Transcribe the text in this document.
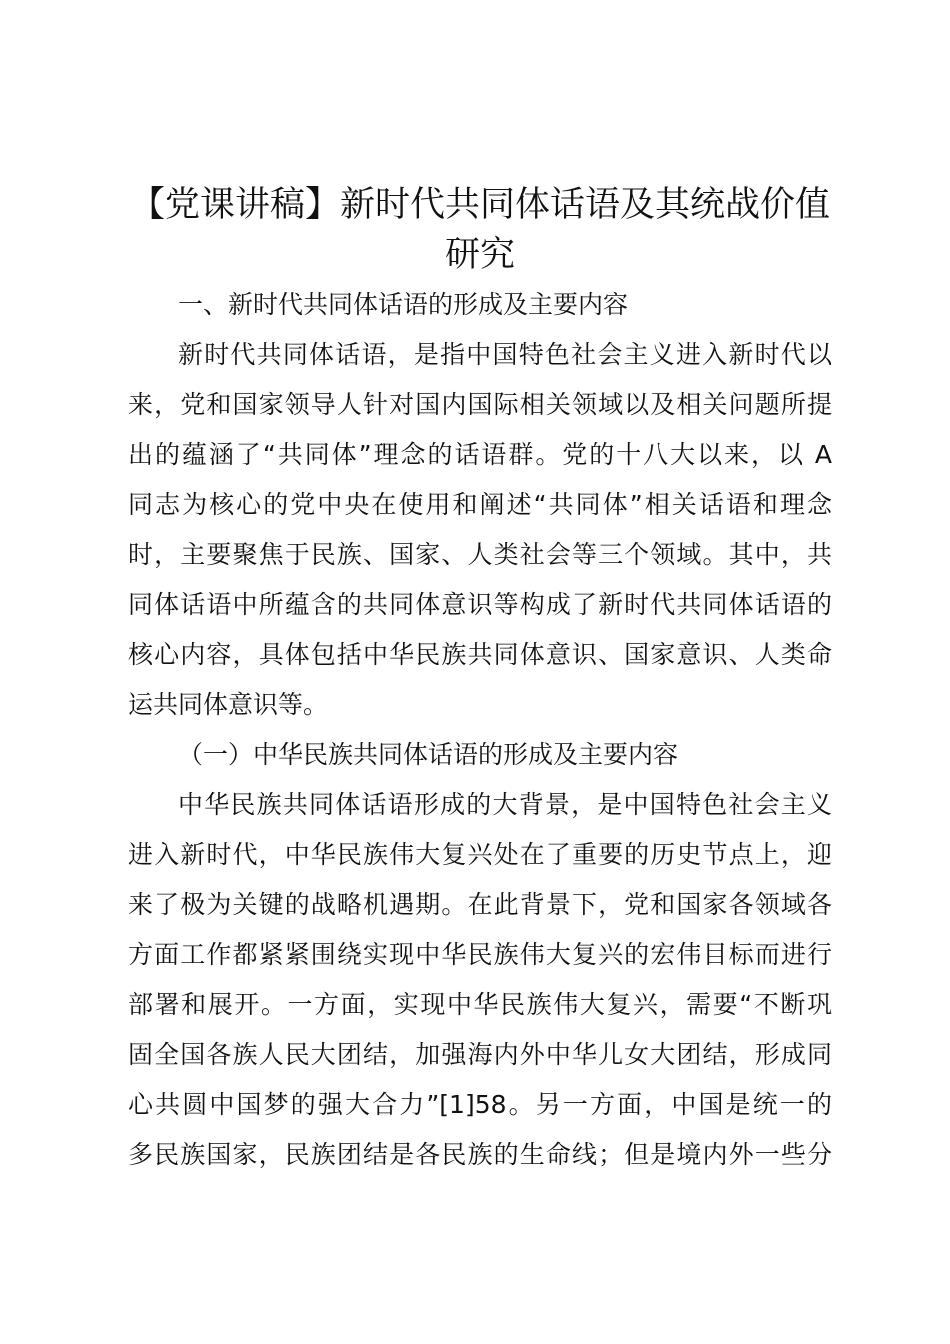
【党课讲稿】新时代共同体话语及其统战价值
研究

一、新时代共同体话语的形成及主要内容

新时代共同体话语，是指中国特色社会主义进入新时代以

来，党和国家领导人针对国内国际相关领域以及相关问题所提

出的蕴涵了“共同体”理念的话语群。党的十八大以来，以 A

同志为核心的党中央在使用和阐述“共同体”相关话语和理念

时，主要聚焦于民族、国家、人类社会等三个领域。其中，共

同体话语中所蕴含的共同体意识等构成了新时代共同体话语的

核心内容，具体包括中华民族共同体意识、国家意识、人类命

运共同体意识等。

（一）中华民族共同体话语的形成及主要内容

中华民族共同体话语形成的大背景，是中国特色社会主义

进入新时代，中华民族伟大复兴处在了重要的历史节点上，迎

来了极为关键的战略机遇期。在此背景下，党和国家各领域各

方面工作都紧紧围绕实现中华民族伟大复兴的宏伟目标而进行

部署和展开。一方面，实现中华民族伟大复兴，需要“不断巩

固全国各族人民大团结，加强海内外中华儿女大团结，形成同

心共圆中国梦的强大合力”[1]58。另一方面，中国是统一的

多民族国家，民族团结是各民族的生命线；但是境内外一些分
